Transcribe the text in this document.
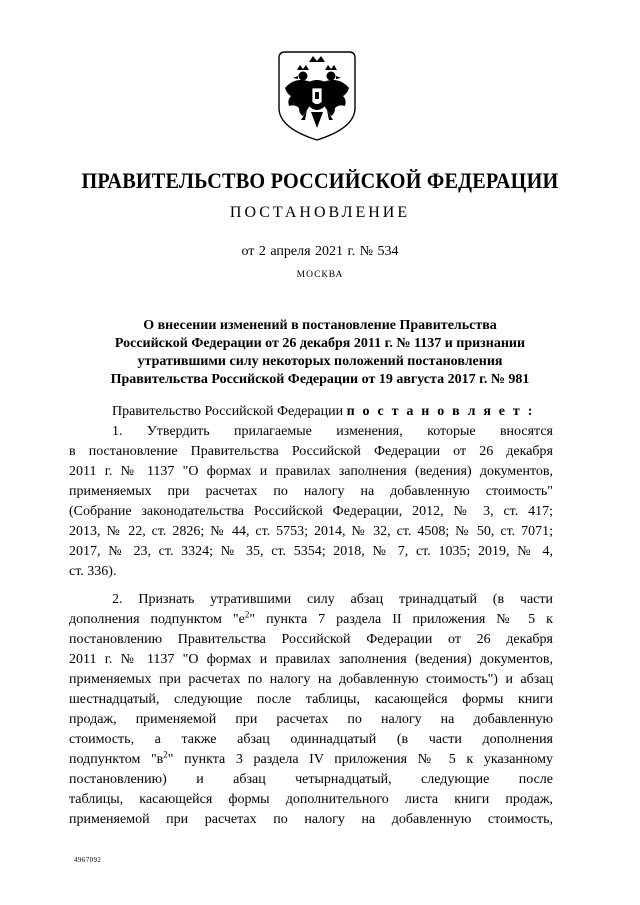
ПРАВИТЕЛЬСТВО РОССИЙСКОЙ ФЕДЕРАЦИИ
ПОСТАНОВЛЕНИЕ
от 2 апреля 2021 г. № 534
МОСКВА
О внесении изменений в постановление Правительства
Российской Федерации от 26 декабря 2011 г. № 1137 и признании
утратившими силу некоторых положений постановления
Правительства Российской Федерации от 19 августа 2017 г. № 981
Правительство Российской Федерации п о с т а н о в л я е т :
1. Утвердить прилагаемые изменения, которые вносятся
в постановление Правительства Российской Федерации от 26 декабря
2011 г. № 1137 "О формах и правилах заполнения (ведения) документов,
применяемых при расчетах по налогу на добавленную стоимость"
(Собрание законодательства Российской Федерации, 2012, № 3, ст. 417;
2013, № 22, ст. 2826; № 44, ст. 5753; 2014, № 32, ст. 4508; № 50, ст. 7071;
2017, № 23, ст. 3324; № 35, ст. 5354; 2018, № 7, ст. 1035; 2019, № 4,
ст. 336).
2. Признать утратившими силу абзац тринадцатый (в части
дополнения подпунктом "$е^2$" пункта 7 раздела II приложения № 5 к
постановлению Правительства Российской Федерации от 26 декабря
2011 г. № 1137 "О формах и правилах заполнения (ведения) документов,
применяемых при расчетах по налогу на добавленную стоимость") и абзац
шестнадцатый, следующие после таблицы, касающейся формы книги
продаж, применяемой при расчетах по налогу на добавленную
стоимость, а также абзац одиннадцатый (в части дополнения
подпунктом "$в^2$" пункта 3 раздела IV приложения № 5 к указанному
постановлению) и абзац четырнадцатый, следующие после
таблицы, касающейся формы дополнительного листа книги продаж,
применяемой при расчетах по налогу на добавленную стоимость,
4967092
